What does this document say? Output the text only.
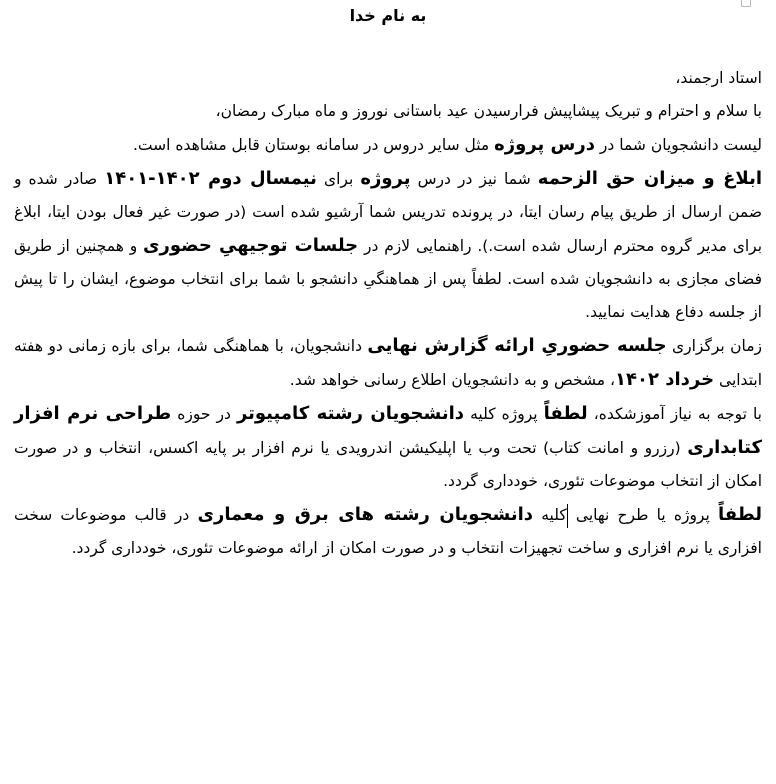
به نام خدا

استاد ارجمند،

با سلام و احترام و تبریک پیشاپیش فرارسیدن عید باستانی نوروز و ماه مبارک رمضان،

لیست دانشجویان شما در درس پروژه مثل سایر دروس در سامانه بوستان قابل مشاهده است.

ابلاغ و میزان حق الزحمه شما نیز در درس پروژه برای نیمسال دوم ۱۴۰۲-۱۴۰۱ صادر شده و ضمن ارسال از طریق پیام رسان ایتا، در پرونده تدریس شما آرشیو شده است (در صورت غیر فعال بودن ایتا، ابلاغ برای مدیر گروه محترم ارسال شده است.). راهنمایی لازم در جلسات توجیهیِ حضوری و همچنین از طریق فضای مجازی به دانشجویان شده است. لطفاً پس از هماهنگیِ دانشجو با شما برای انتخاب موضوع، ایشان را تا پیش از جلسه دفاع هدایت نمایید.

زمان برگزاری جلسه حضوریِ ارائه گزارش نهایی دانشجویان، با هماهنگی شما، برای بازه زمانی دو هفته ابتدایی خرداد ۱۴۰۲، مشخص و به دانشجویان اطلاع رسانی خواهد شد.

با توجه به نیاز آموزشکده، لطفاً پروژه کلیه دانشجویان رشته کامپیوتر در حوزه طراحی نرم افزار کتابداری (رزرو و امانت کتاب) تحت وب یا اپلیکیشن اندرویدی یا نرم افزار بر پایه اکسس، انتخاب و در صورت امکان از انتخاب موضوعات تئوری، خودداری گردد.

لطفاً پروژه یا طرح نهایی کلیه دانشجویان رشته های برق و معماری در قالب موضوعات سخت افزاری یا نرم افزاری و ساخت تجهیزات انتخاب و در صورت امکان از ارائه موضوعات تئوری، خودداری گردد.
